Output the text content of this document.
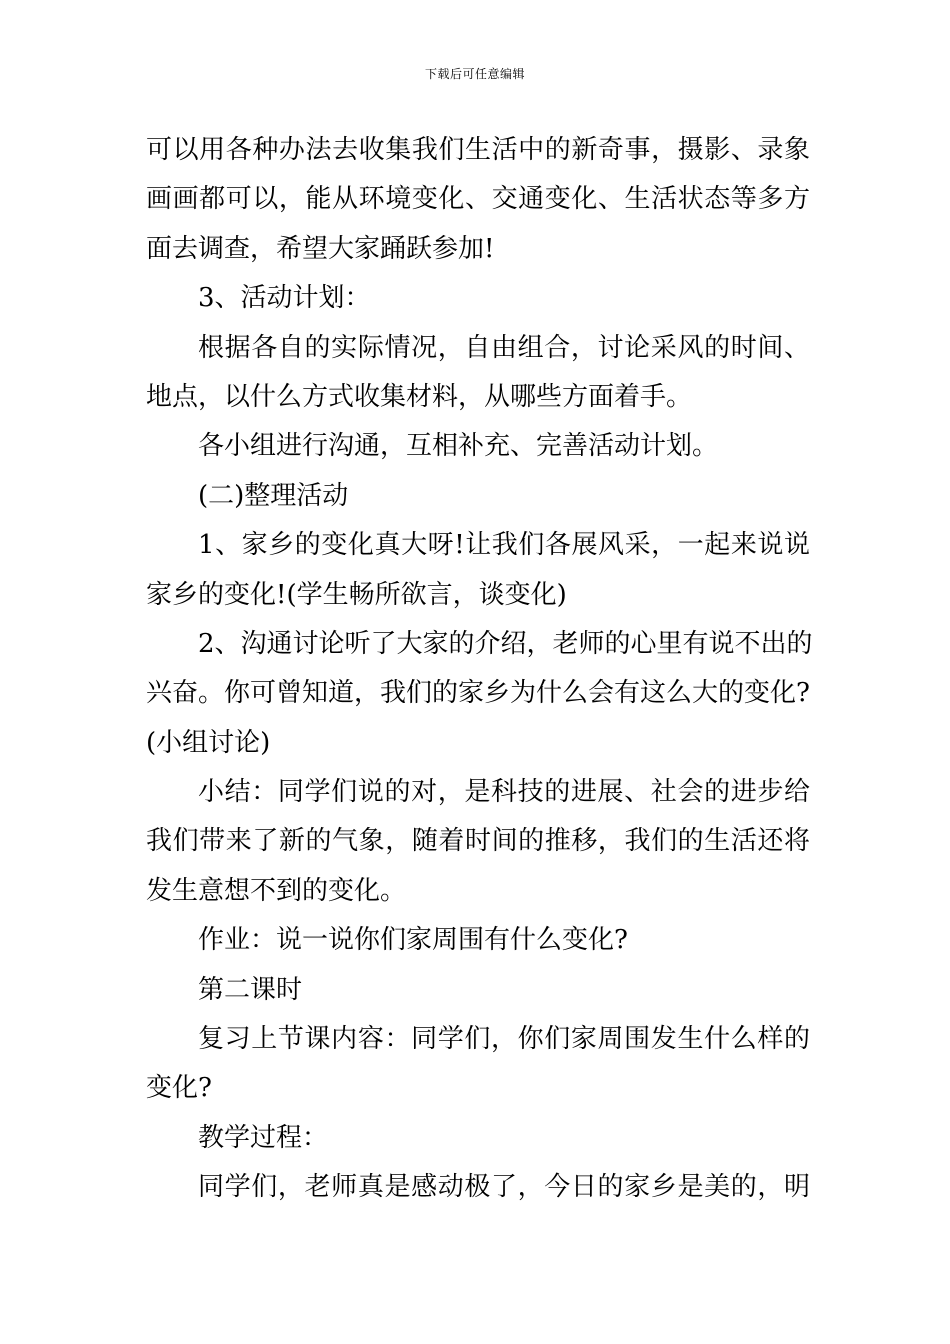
下载后可任意编辑
可以用各种办法去收集我们生活中的新奇事，摄影、录象
画画都可以，能从环境变化、交通变化、生活状态等多方
面去调查，希望大家踊跃参加!
3、活动计划：
根据各自的实际情况，自由组合，讨论采风的时间、
地点，以什么方式收集材料，从哪些方面着手。
各小组进行沟通，互相补充、完善活动计划。
(二)整理活动
1、家乡的变化真大呀!让我们各展风采，一起来说说
家乡的变化!(学生畅所欲言，谈变化)
2、沟通讨论听了大家的介绍，老师的心里有说不出的
兴奋。你可曾知道，我们的家乡为什么会有这么大的变化?
(小组讨论)
小结：同学们说的对，是科技的进展、社会的进步给
我们带来了新的气象，随着时间的推移，我们的生活还将
发生意想不到的变化。
作业：说一说你们家周围有什么变化?
第二课时
复习上节课内容：同学们，你们家周围发生什么样的
变化?
教学过程：
同学们，老师真是感动极了，今日的家乡是美的，明
